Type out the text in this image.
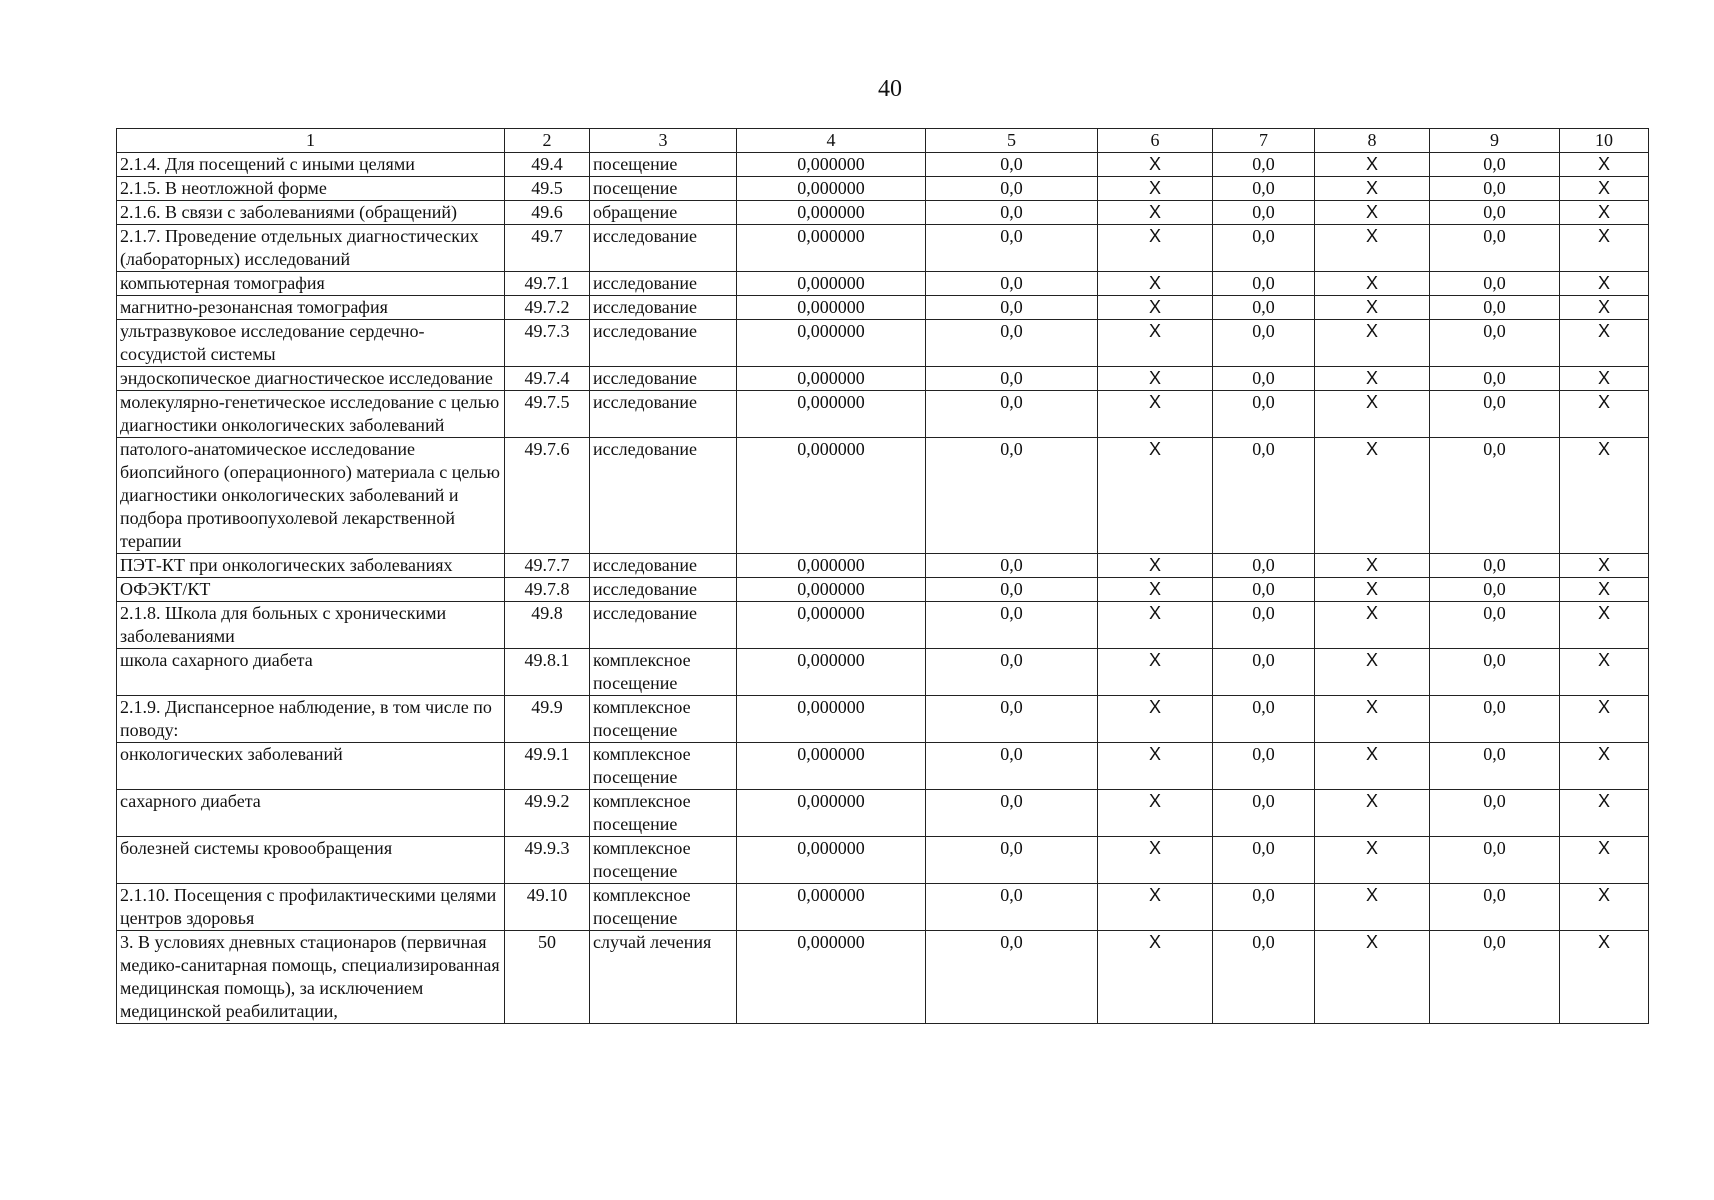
40
1	2	3	4	5	6	7	8	9	10
2.1.4. Для посещений с иными целями	49.4	посещение	0,000000	0,0	X	0,0	X	0,0	X
2.1.5. В неотложной форме	49.5	посещение	0,000000	0,0	X	0,0	X	0,0	X
2.1.6. В связи с заболеваниями (обращений)	49.6	обращение	0,000000	0,0	X	0,0	X	0,0	X
2.1.7. Проведение отдельных диагностических (лабораторных) исследований	49.7	исследование	0,000000	0,0	X	0,0	X	0,0	X
компьютерная томография	49.7.1	исследование	0,000000	0,0	X	0,0	X	0,0	X
магнитно-резонансная томография	49.7.2	исследование	0,000000	0,0	X	0,0	X	0,0	X
ультразвуковое исследование сердечно-сосудистой системы	49.7.3	исследование	0,000000	0,0	X	0,0	X	0,0	X
эндоскопическое диагностическое исследование	49.7.4	исследование	0,000000	0,0	X	0,0	X	0,0	X
молекулярно-генетическое исследование с целью диагностики онкологических заболеваний	49.7.5	исследование	0,000000	0,0	X	0,0	X	0,0	X
патолого-анатомическое исследование биопсийного (операционного) материала с целью диагностики онкологических заболеваний и подбора противоопухолевой лекарственной терапии	49.7.6	исследование	0,000000	0,0	X	0,0	X	0,0	X
ПЭТ-КТ при онкологических заболеваниях	49.7.7	исследование	0,000000	0,0	X	0,0	X	0,0	X
ОФЭКТ/КТ	49.7.8	исследование	0,000000	0,0	X	0,0	X	0,0	X
2.1.8. Школа для больных с хроническими заболеваниями	49.8	исследование	0,000000	0,0	X	0,0	X	0,0	X
школа сахарного диабета	49.8.1	комплексное посещение	0,000000	0,0	X	0,0	X	0,0	X
2.1.9. Диспансерное наблюдение, в том числе по поводу:	49.9	комплексное посещение	0,000000	0,0	X	0,0	X	0,0	X
онкологических заболеваний	49.9.1	комплексное посещение	0,000000	0,0	X	0,0	X	0,0	X
сахарного диабета	49.9.2	комплексное посещение	0,000000	0,0	X	0,0	X	0,0	X
болезней системы кровообращения	49.9.3	комплексное посещение	0,000000	0,0	X	0,0	X	0,0	X
2.1.10. Посещения с профилактическими целями центров здоровья	49.10	комплексное посещение	0,000000	0,0	X	0,0	X	0,0	X
3. В условиях дневных стационаров (первичная медико-санитарная помощь, специализированная медицинская помощь), за исключением медицинской реабилитации,	50	случай лечения	0,000000	0,0	X	0,0	X	0,0	X
